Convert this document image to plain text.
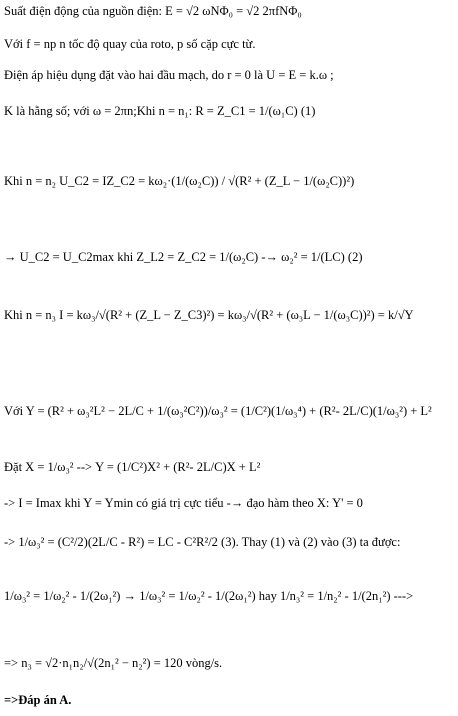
Suất điện động của nguồn điện: E = √2 ωNΦ₀ = √2 2πfNΦ₀
Với f = np n tốc độ quay của roto, p số cặp cực từ.
Điện áp hiệu dụng đặt vào hai đầu mạch, do r = 0 là U = E = k.ω ;
K là hằng số; với ω = 2πn;Khi n = n₁: R = Z_C1 = 1/(ω₁C) (1)
Khi n = n₂ U_C2 = IZ_C2 = kω₂·(1/(ω₂C)) / √(R² + (Z_L − 1/(ω₂C))²)
→ U_C2 = U_C2max khi Z_L2 = Z_C2 = 1/(ω₂C) -→ ω₂² = 1/(LC) (2)
Khi n = n₃ I = kω₃/√(R² + (Z_L − Z_C3)²) = kω₃/√(R² + (ω₃L − 1/(ω₃C))²) = k/√Y
Với Y = (R² + ω₃²L² − 2L/C + 1/(ω₃²C²))/ω₃² = (1/C²)(1/ω₃⁴) + (R²- 2L/C)(1/ω₃²) + L²
Đặt X = 1/ω₃² --> Y = (1/C²)X² + (R²- 2L/C)X + L²
-> I = Imax khi Y = Ymin có giá trị cực tiểu -→ đạo hàm theo X: Y' = 0
-> 1/ω₃² = (C²/2)(2L/C - R²) = LC - C²R²/2 (3). Thay (1) và (2) vào (3) ta được:
1/ω₃² = 1/ω₂² - 1/(2ω₁²) → 1/ω₃² = 1/ω₂² - 1/(2ω₁²) hay 1/n₃² = 1/n₂² - 1/(2n₁²) --->
=> n₃ = √2·n₁n₂/√(2n₁² − n₂²) = 120 vòng/s.
=>Đáp án A.
